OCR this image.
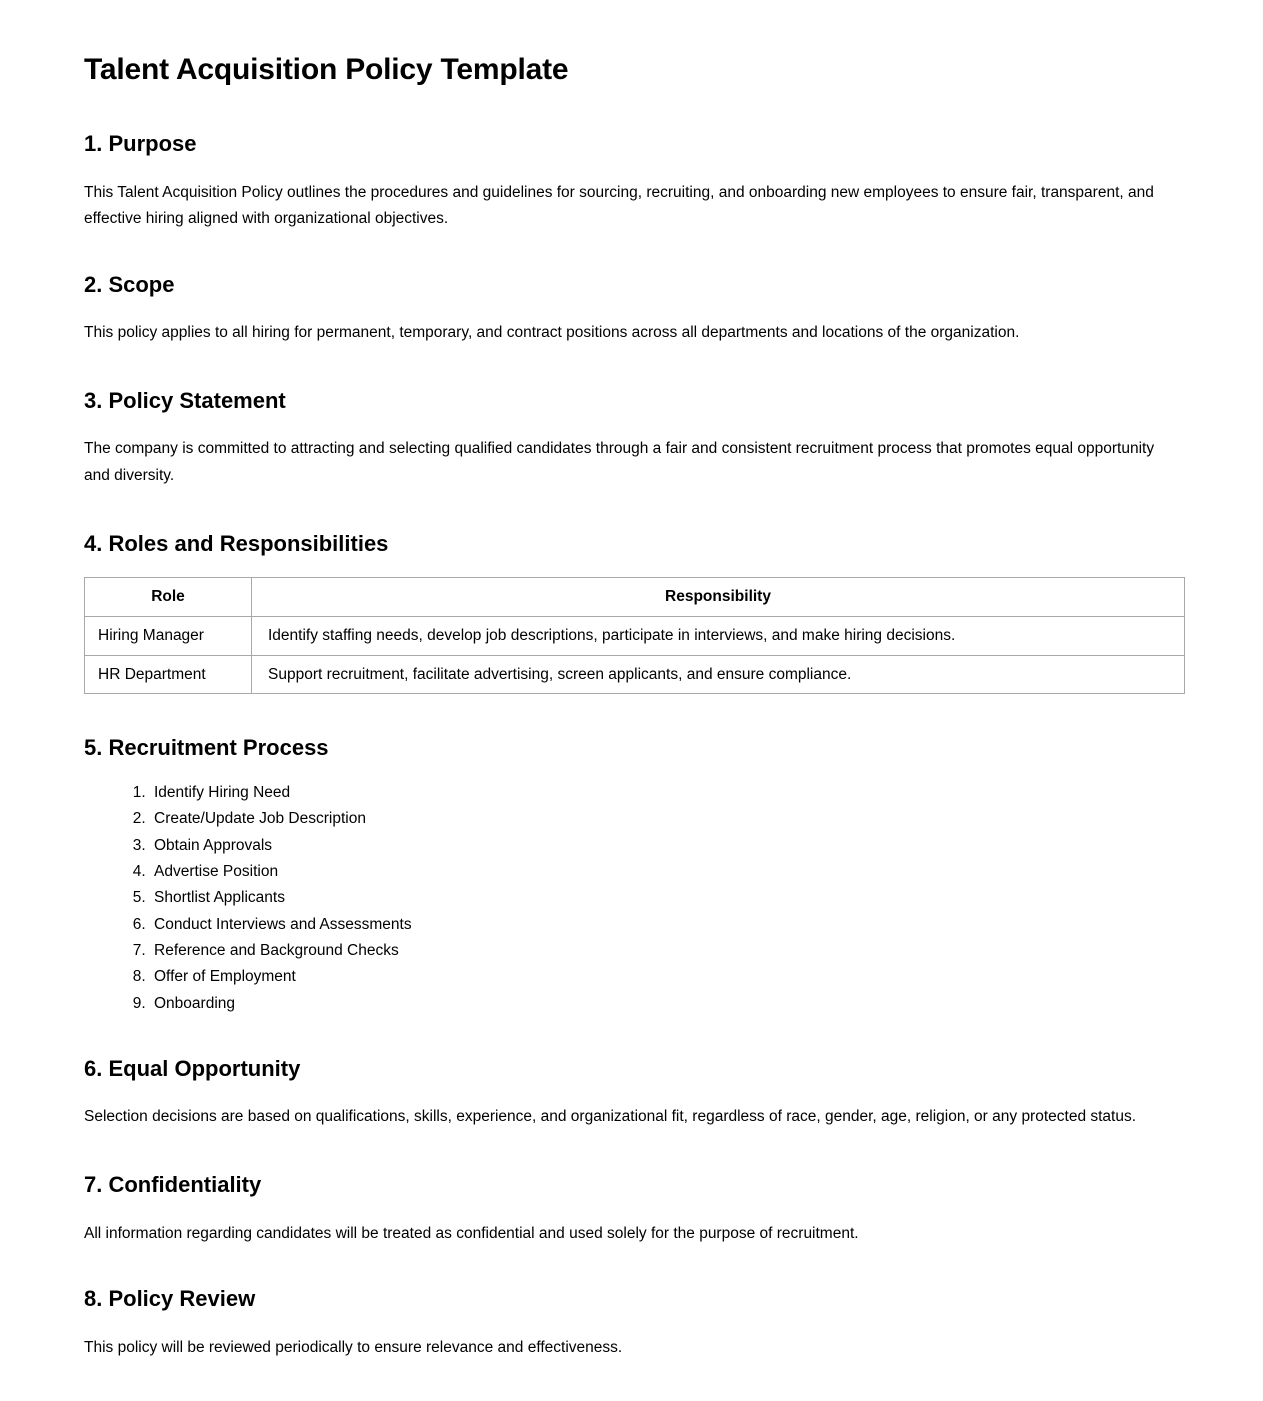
Talent Acquisition Policy Template
1. Purpose

This Talent Acquisition Policy outlines the procedures and guidelines for sourcing, recruiting, and onboarding new employees to ensure fair, transparent, and effective hiring aligned with organizational objectives.

2. Scope

This policy applies to all hiring for permanent, temporary, and contract positions across all departments and locations of the organization.

3. Policy Statement

The company is committed to attracting and selecting qualified candidates through a fair and consistent recruitment process that promotes equal opportunity and diversity.

4. Roles and Responsibilities
Role	Responsibility
Hiring Manager	Identify staffing needs, develop job descriptions, participate in interviews, and make hiring decisions.
HR Department	Support recruitment, facilitate advertising, screen applicants, and ensure compliance.
5. Recruitment Process
1. Identify Hiring Need
2. Create/Update Job Description
3. Obtain Approvals
4. Advertise Position
5. Shortlist Applicants
6. Conduct Interviews and Assessments
7. Reference and Background Checks
8. Offer of Employment
9. Onboarding
6. Equal Opportunity

Selection decisions are based on qualifications, skills, experience, and organizational fit, regardless of race, gender, age, religion, or any protected status.

7. Confidentiality

All information regarding candidates will be treated as confidential and used solely for the purpose of recruitment.

8. Policy Review

This policy will be reviewed periodically to ensure relevance and effectiveness.
